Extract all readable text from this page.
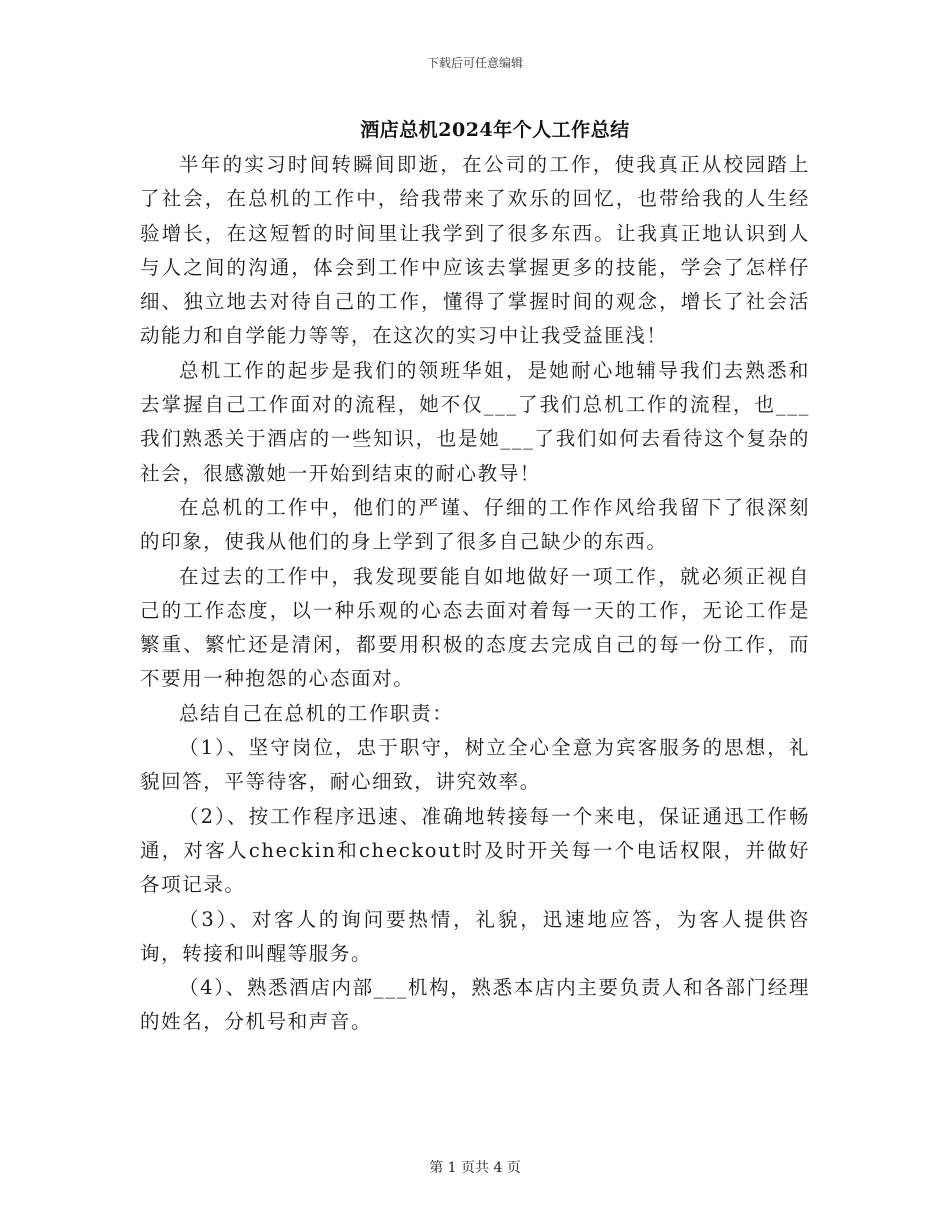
下载后可任意编辑
酒店总机2024年个人工作总结

半年的实习时间转瞬间即逝，在公司的工作，使我真正从校园踏上了社会，在总机的工作中，给我带来了欢乐的回忆，也带给我的人生经验增长，在这短暂的时间里让我学到了很多东西。让我真正地认识到人与人之间的沟通，体会到工作中应该去掌握更多的技能，学会了怎样仔细、独立地去对待自己的工作，懂得了掌握时间的观念，增长了社会活动能力和自学能力等等，在这次的实习中让我受益匪浅！

总机工作的起步是我们的领班华姐，是她耐心地辅导我们去熟悉和去掌握自己工作面对的流程，她不仅___了我们总机工作的流程，也___我们熟悉关于酒店的一些知识，也是她___了我们如何去看待这个复杂的社会，很感激她一开始到结束的耐心教导！

在总机的工作中，他们的严谨、仔细的工作作风给我留下了很深刻的印象，使我从他们的身上学到了很多自己缺少的东西。

在过去的工作中，我发现要能自如地做好一项工作，就必须正视自己的工作态度，以一种乐观的心态去面对着每一天的工作，无论工作是繁重、繁忙还是清闲，都要用积极的态度去完成自己的每一份工作，而不要用一种抱怨的心态面对。

总结自己在总机的工作职责：

（1）、坚守岗位，忠于职守，树立全心全意为宾客服务的思想，礼貌回答，平等待客，耐心细致，讲究效率。

（2）、按工作程序迅速、准确地转接每一个来电，保证通迅工作畅通，对客人checkin和checkout时及时开关每一个电话权限，并做好各项记录。

（3）、对客人的询问要热情，礼貌，迅速地应答，为客人提供咨询，转接和叫醒等服务。

（4）、熟悉酒店内部___机构，熟悉本店内主要负责人和各部门经理的姓名，分机号和声音。

第 1 页共 4 页
